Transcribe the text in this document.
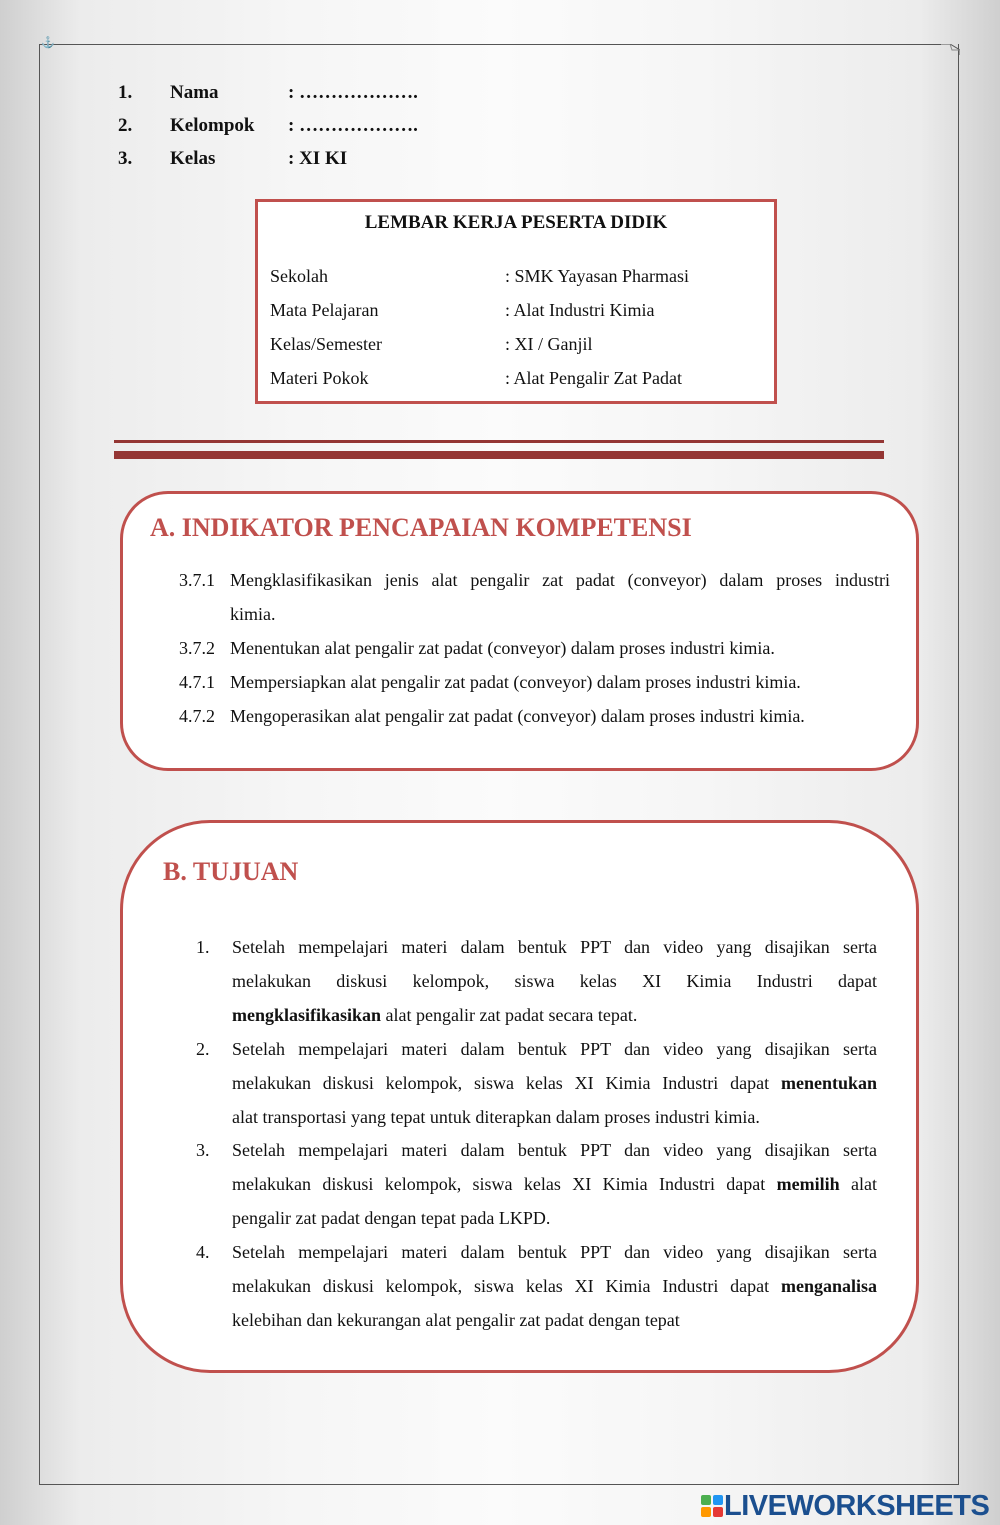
⚓
1. Nama	: ……………….
2. Kelompok : ……………….
3. Kelas	: XI KI
LEMBAR KERJA PESERTA DIDIK
Sekolah	: SMK Yayasan Pharmasi
Mata Pelajaran	: Alat Industri Kimia
Kelas/Semester	: XI / Ganjil
Materi Pokok	: Alat Pengalir Zat Padat
A. INDIKATOR PENCAPAIAN KOMPETENSI
3.7.1 Mengklasifikasikan jenis alat pengalir zat padat (conveyor) dalam proses industri
kimia.
3.7.2 Menentukan alat pengalir zat padat (conveyor) dalam proses industri kimia.
4.7.1 Mempersiapkan alat pengalir zat padat (conveyor) dalam proses industri kimia.
4.7.2 Mengoperasikan alat pengalir zat padat (conveyor) dalam proses industri kimia.
B. TUJUAN
1. Setelah mempelajari materi dalam bentuk PPT dan video yang disajikan serta
melakukan diskusi kelompok, siswa kelas XI Kimia Industri dapat
mengklasifikasikan alat pengalir zat padat secara tepat.
2. Setelah mempelajari materi dalam bentuk PPT dan video yang disajikan serta
melakukan diskusi kelompok, siswa kelas XI Kimia Industri dapat menentukan
alat transportasi yang tepat untuk diterapkan dalam proses industri kimia.
3. Setelah mempelajari materi dalam bentuk PPT dan video yang disajikan serta
melakukan diskusi kelompok, siswa kelas XI Kimia Industri dapat memilih alat
pengalir zat padat dengan tepat pada LKPD.
4. Setelah mempelajari materi dalam bentuk PPT dan video yang disajikan serta
melakukan diskusi kelompok, siswa kelas XI Kimia Industri dapat menganalisa
kelebihan dan kekurangan alat pengalir zat padat dengan tepat
LIVEWORKSHEETS
